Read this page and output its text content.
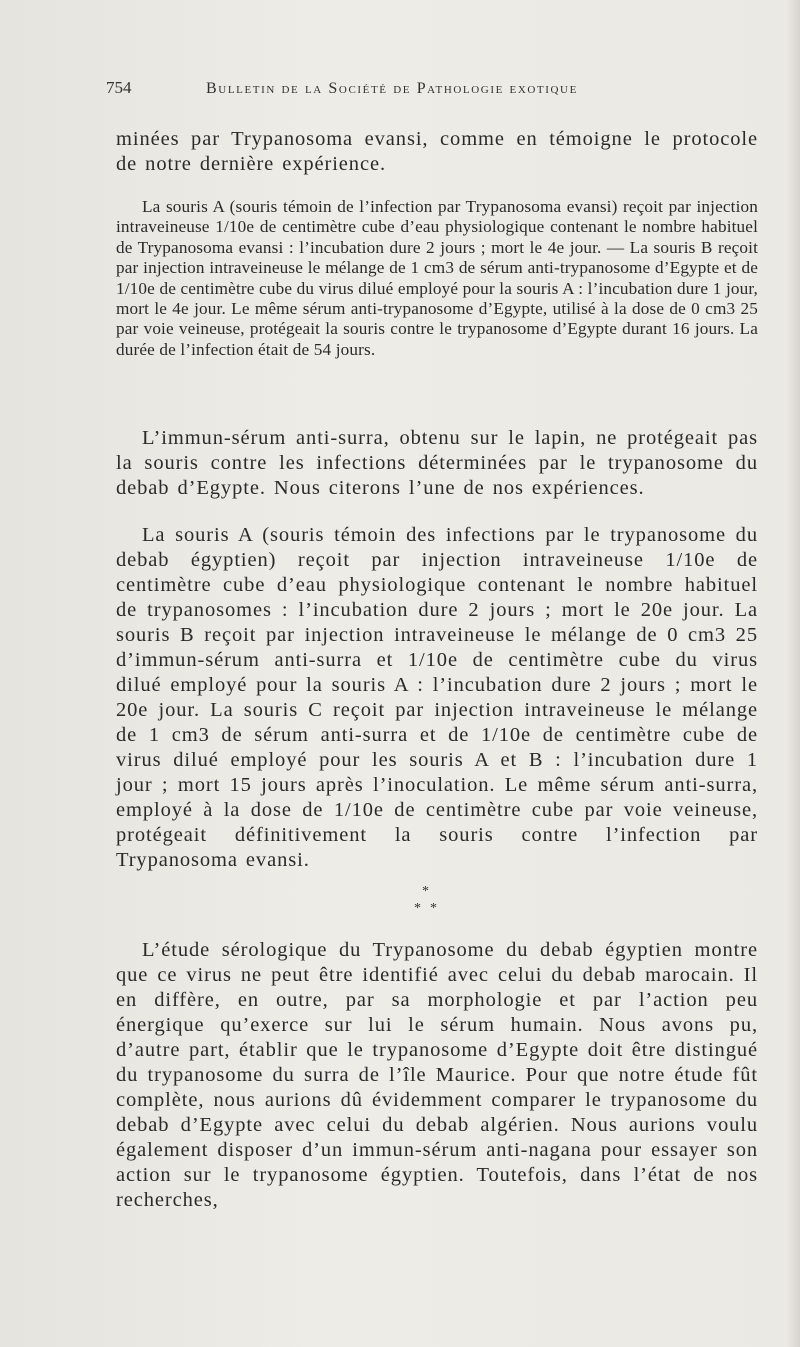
754	Bulletin de la Société de Pathologie exotique

minées par Trypanosoma evansi, comme en témoigne le protocole de notre dernière expérience.

La souris A (souris témoin de l’infection par Trypanosoma evansi) reçoit par injection intraveineuse 1/10e de centimètre cube d’eau physiologique contenant le nombre habituel de Trypanosoma evansi : l’incubation dure 2 jours ; mort le 4e jour. — La souris B reçoit par injection intraveineuse le mélange de 1 cm3 de sérum anti-trypanosome d’Egypte et de 1/10e de centimètre cube du virus dilué employé pour la souris A : l’incubation dure 1 jour, mort le 4e jour. Le même sérum anti-trypanosome d’Egypte, utilisé à la dose de 0 cm3 25 par voie veineuse, protégeait la souris contre le trypanosome d’Egypte durant 16 jours. La durée de l’infection était de 54 jours.

L’immun-sérum anti-surra, obtenu sur le lapin, ne protégeait pas la souris contre les infections déterminées par le trypanosome du debab d’Egypte. Nous citerons l’une de nos expériences.

La souris A (souris témoin des infections par le trypanosome du debab égyptien) reçoit par injection intraveineuse 1/10e de centimètre cube d’eau physiologique contenant le nombre habituel de trypanosomes : l’incubation dure 2 jours ; mort le 20e jour. La souris B reçoit par injection intraveineuse le mélange de 0 cm3 25 d’immun-sérum anti-surra et 1/10e de centimètre cube du virus dilué employé pour la souris A : l’incubation dure 2 jours ; mort le 20e jour. La souris C reçoit par injection intraveineuse le mélange de 1 cm3 de sérum anti-surra et de 1/10e de centimètre cube de virus dilué employé pour les souris A et B : l’incubation dure 1 jour ; mort 15 jours après l’inoculation. Le même sérum anti-surra, employé à la dose de 1/10e de centimètre cube par voie veineuse, protégeait définitivement la souris contre l’infection par Trypanosoma evansi.

*
* *

L’étude sérologique du Trypanosome du debab égyptien montre que ce virus ne peut être identifié avec celui du debab marocain. Il en diffère, en outre, par sa morphologie et par l’action peu énergique qu’exerce sur lui le sérum humain. Nous avons pu, d’autre part, établir que le trypanosome d’Egypte doit être distingué du trypanosome du surra de l’île Maurice. Pour que notre étude fût complète, nous aurions dû évidemment comparer le trypanosome du debab d’Egypte avec celui du debab algérien. Nous aurions voulu également disposer d’un immun-sérum anti-nagana pour essayer son action sur le trypanosome égyptien. Toutefois, dans l’état de nos recherches,
